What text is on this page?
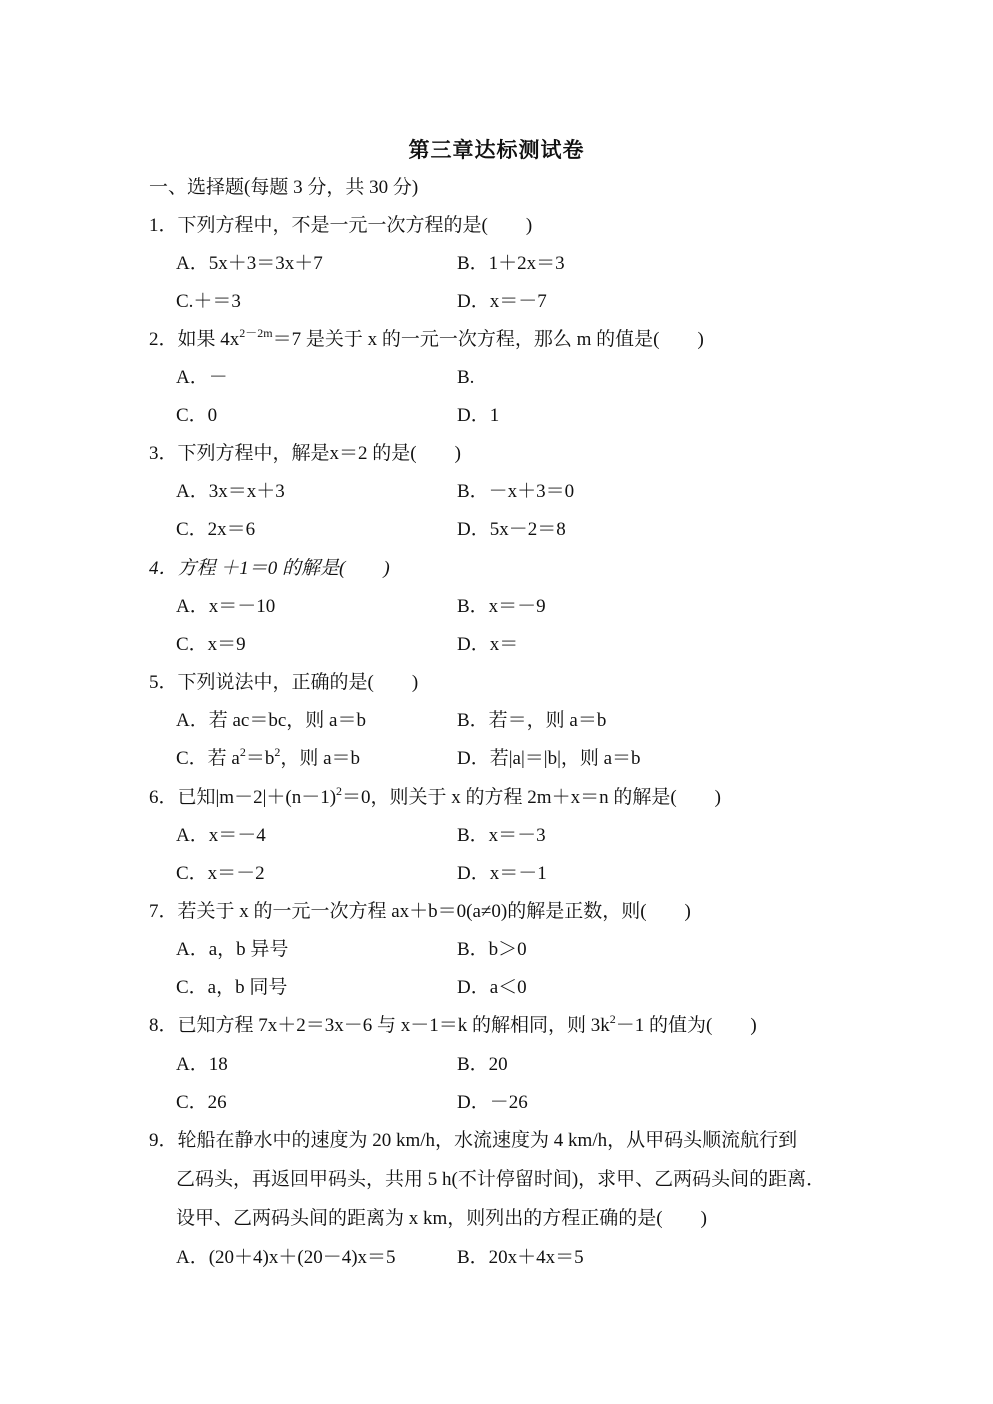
第三章达标测试卷
一、选择题(每题 3 分，共 30 分)
1．下列方程中，不是一元一次方程的是(　　)
A．5x＋3＝3x＋7	B．1＋2x＝3
C.＋＝3	D．x＝－7
2．如果 $4x^{2-2m}=7$ 是关于 x 的一元一次方程，那么 m 的值是(　　)
A．－	B.
C．0	D．1
3．下列方程中，解是x＝2 的是(　　)
A．3x＝x＋3	B．－x＋3＝0
C．2x＝6	D．5x－2＝8
4．方程 ＋1＝0 的解是(　　)
A．x＝－10	B．x＝－9
C．x＝9	D．x＝
5．下列说法中，正确的是(　　)
A．若 ac＝bc，则 a＝b	B．若＝，则 a＝b
C．若 $a^2=b^2$，则 a＝b	D．若|a|＝|b|，则 a＝b
6．已知$|m-2|+(n-1)^2=0$，则关于 x 的方程 2m＋x＝n 的解是(　　)
A．x＝－4	B．x＝－3
C．x＝－2	D．x＝－1
7．若关于 x 的一元一次方程 ax＋b＝0(a≠0)的解是正数，则(　　)
A．a，b 异号	B．b＞0
C．a，b 同号	D．a＜0
8．已知方程 7x＋2＝3x－6 与 x－1＝k 的解相同，则 $3k^2-1$ 的值为(　　)
A．18	B．20
C．26	D．－26
9．轮船在静水中的速度为 20 km/h，水流速度为 4 km/h，从甲码头顺流航行到
乙码头，再返回甲码头，共用 5 h(不计停留时间)，求甲、乙两码头间的距离．
设甲、乙两码头间的距离为 x km，则列出的方程正确的是(　　)
A．(20＋4)x＋(20－4)x＝5	B．20x＋4x＝5
